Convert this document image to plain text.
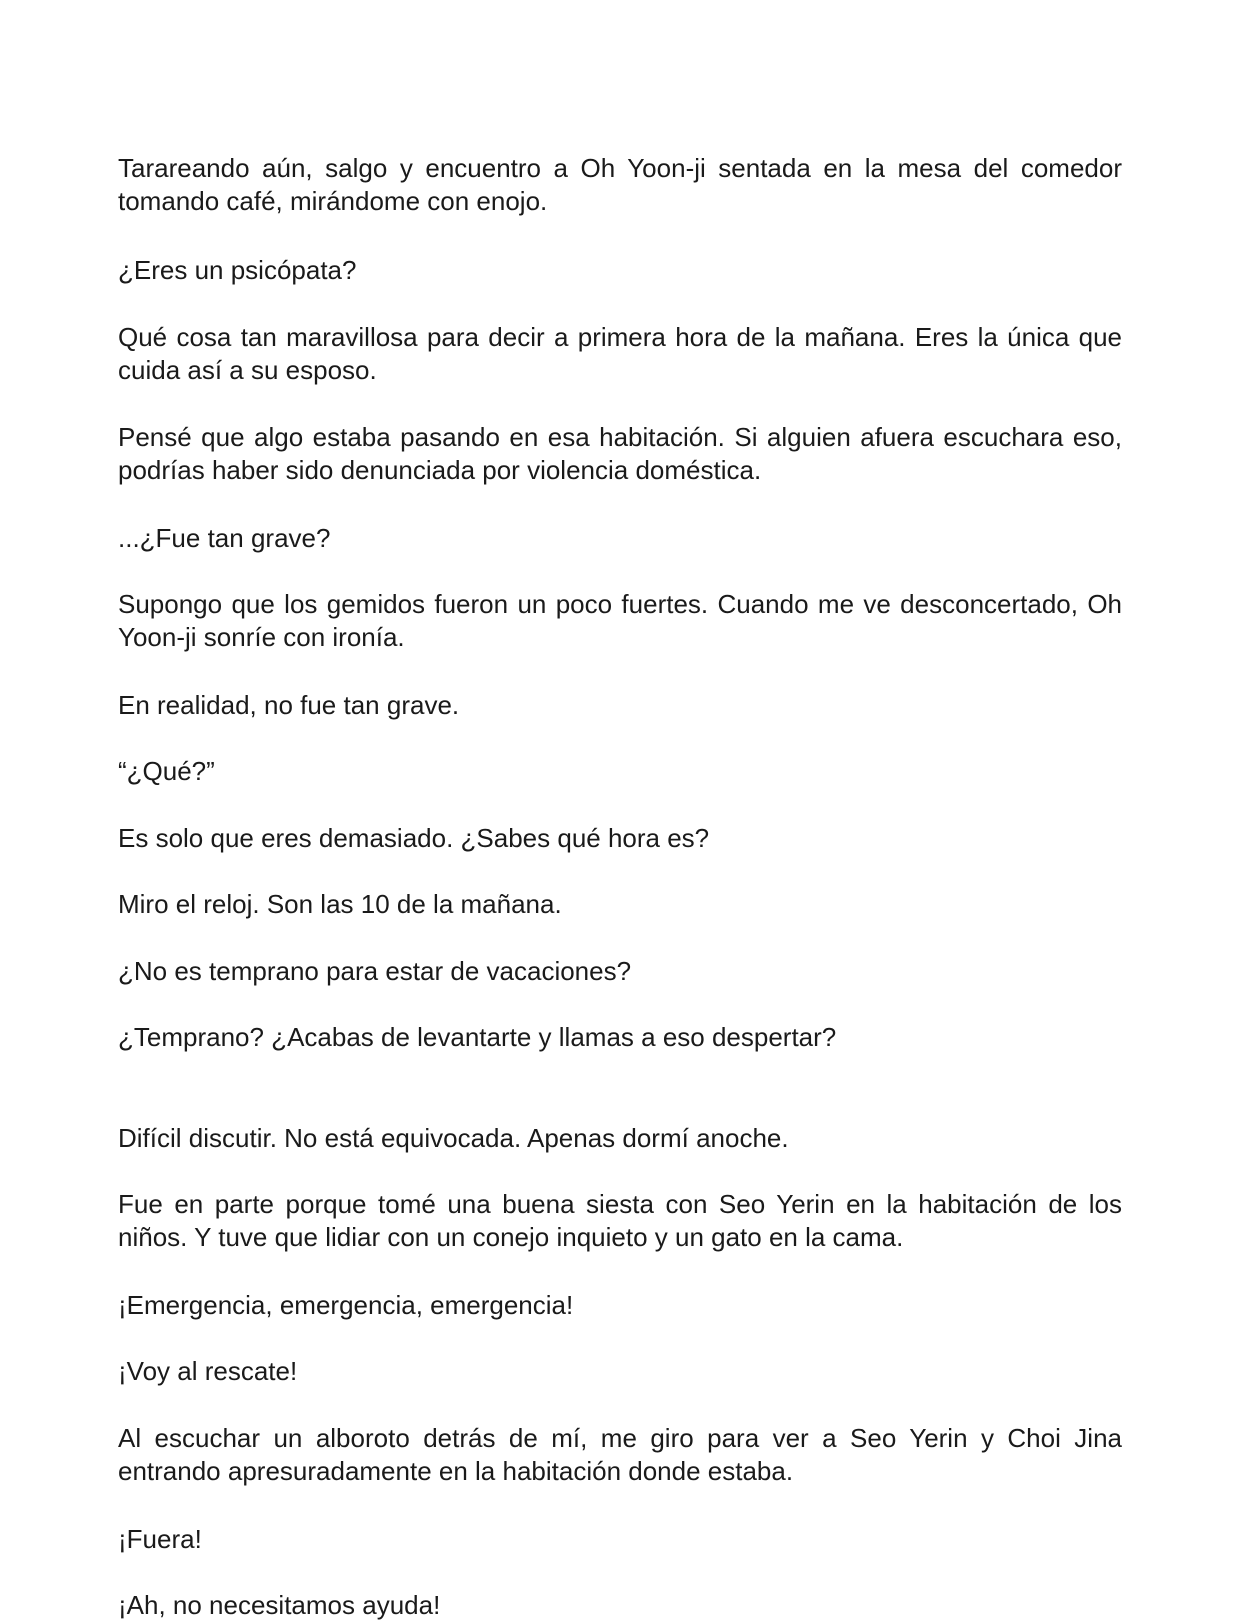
Tarareando aún, salgo y encuentro a Oh Yoon-ji sentada en la mesa del comedor tomando café, mirándome con enojo.

¿Eres un psicópata?

Qué cosa tan maravillosa para decir a primera hora de la mañana. Eres la única que cuida así a su esposo.

Pensé que algo estaba pasando en esa habitación. Si alguien afuera escuchara eso, podrías haber sido denunciada por violencia doméstica.

...¿Fue tan grave?

Supongo que los gemidos fueron un poco fuertes. Cuando me ve desconcertado, Oh Yoon-ji sonríe con ironía.

En realidad, no fue tan grave.

“¿Qué?”

Es solo que eres demasiado. ¿Sabes qué hora es?

Miro el reloj. Son las 10 de la mañana.

¿No es temprano para estar de vacaciones?

¿Temprano? ¿Acabas de levantarte y llamas a eso despertar?

Difícil discutir. No está equivocada. Apenas dormí anoche.

Fue en parte porque tomé una buena siesta con Seo Yerin en la habitación de los niños. Y tuve que lidiar con un conejo inquieto y un gato en la cama.

¡Emergencia, emergencia, emergencia!

¡Voy al rescate!

Al escuchar un alboroto detrás de mí, me giro para ver a Seo Yerin y Choi Jina entrando apresuradamente en la habitación donde estaba.

¡Fuera!

¡Ah, no necesitamos ayuda!
